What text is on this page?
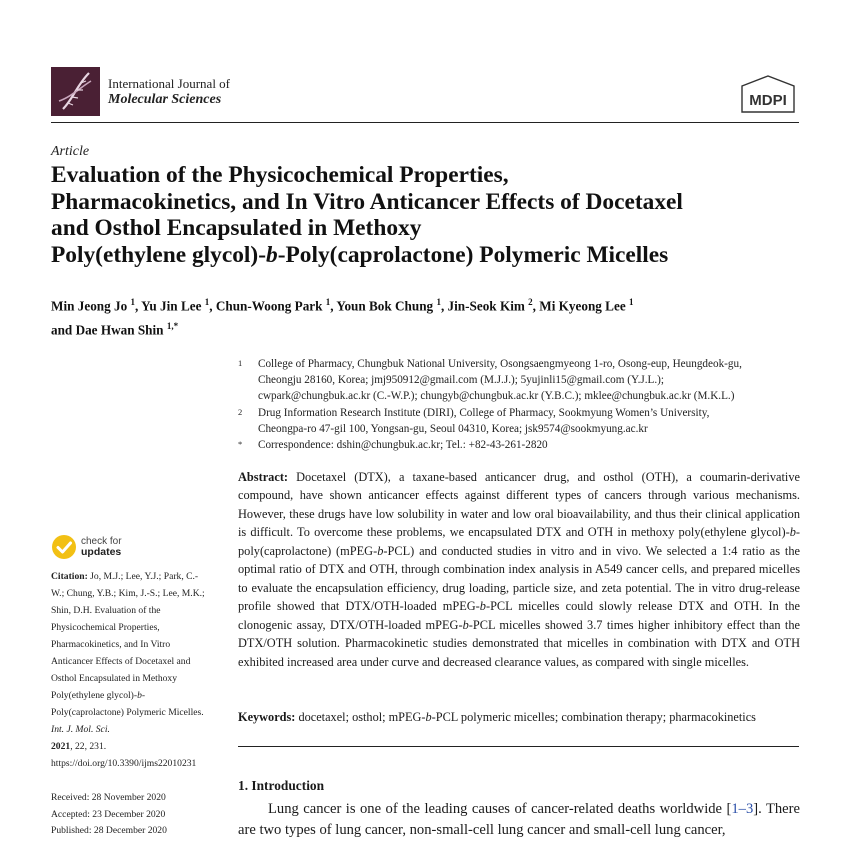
International Journal of
Molecular Sciences	MDPI
Article
Evaluation of the Physicochemical Properties,
Pharmacokinetics, and In Vitro Anticancer Effects of Docetaxel
and Osthol Encapsulated in Methoxy
Poly(ethylene glycol)-b-Poly(caprolactone) Polymeric Micelles
Min Jeong Jo $^1$, Yu Jin Lee $^1$, Chun-Woong Park $^1$, Youn Bok Chung $^1$, Jin-Seok Kim $^2$, Mi Kyeong Lee $^1$
and Dae Hwan Shin $^{1,*}$
1 College of Pharmacy, Chungbuk National University, Osongsaengmyeong 1-ro, Osong-eup, Heungdeok-gu,
Cheongju 28160, Korea; jmj950912@gmail.com (M.J.J.); 5yujinli15@gmail.com (Y.J.L.);
cwpark@chungbuk.ac.kr (C.-W.P.); chungyb@chungbuk.ac.kr (Y.B.C.); mklee@chungbuk.ac.kr (M.K.L.)
2 Drug Information Research Institute (DIRI), College of Pharmacy, Sookmyung Women’s University,
Cheongpa-ro 47-gil 100, Yongsan-gu, Seoul 04310, Korea; jsk9574@sookmyung.ac.kr
* Correspondence: dshin@chungbuk.ac.kr; Tel.: +82-43-261-2820
Abstract: Docetaxel (DTX), a taxane-based anticancer drug, and osthol (OTH), a coumarin-derivative compound, have shown anticancer effects against different types of cancers through various mechanisms. However, these drugs have low solubility in water and low oral bioavailability, and thus their clinical application is difficult. To overcome these problems, we encapsulated DTX and OTH in methoxy poly(ethylene glycol)-b-poly(caprolactone) (mPEG-b-PCL) and conducted studies in vitro and in vivo. We selected a 1:4 ratio as the optimal ratio of DTX and OTH, through combination index analysis in A549 cancer cells, and prepared micelles to evaluate the encapsulation efficiency, drug loading, particle size, and zeta potential. The in vitro drug-release profile showed that DTX/OTH-loaded mPEG-b-PCL micelles could slowly release DTX and OTH. In the clonogenic assay, DTX/OTH-loaded mPEG-b-PCL micelles showed 3.7 times higher inhibitory effect than the DTX/OTH solution. Pharmacokinetic studies demonstrated that micelles in combination with DTX and OTH exhibited increased area under curve and decreased clearance values, as compared with single micelles.
Keywords: docetaxel; osthol; mPEG-b-PCL polymeric micelles; combination therapy; pharmacokinetics
check for
updates
Citation: Jo, M.J.; Lee, Y.J.; Park, C.-W.; Chung, Y.B.; Kim, J.-S.; Lee, M.K.; Shin, D.H. Evaluation of the Physicochemical Properties, Pharmacokinetics, and In Vitro Anticancer Effects of Docetaxel and Osthol Encapsulated in Methoxy Poly(ethylene glycol)-b-Poly(caprolactone) Polymeric Micelles. Int. J. Mol. Sci.
2021, 22, 231. https://doi.org/10.3390/ijms22010231
Received: 28 November 2020
Accepted: 23 December 2020
Published: 28 December 2020
1. Introduction
Lung cancer is one of the leading causes of cancer-related deaths worldwide [1–3]. There are two types of lung cancer, non-small-cell lung cancer and small-cell lung cancer,
